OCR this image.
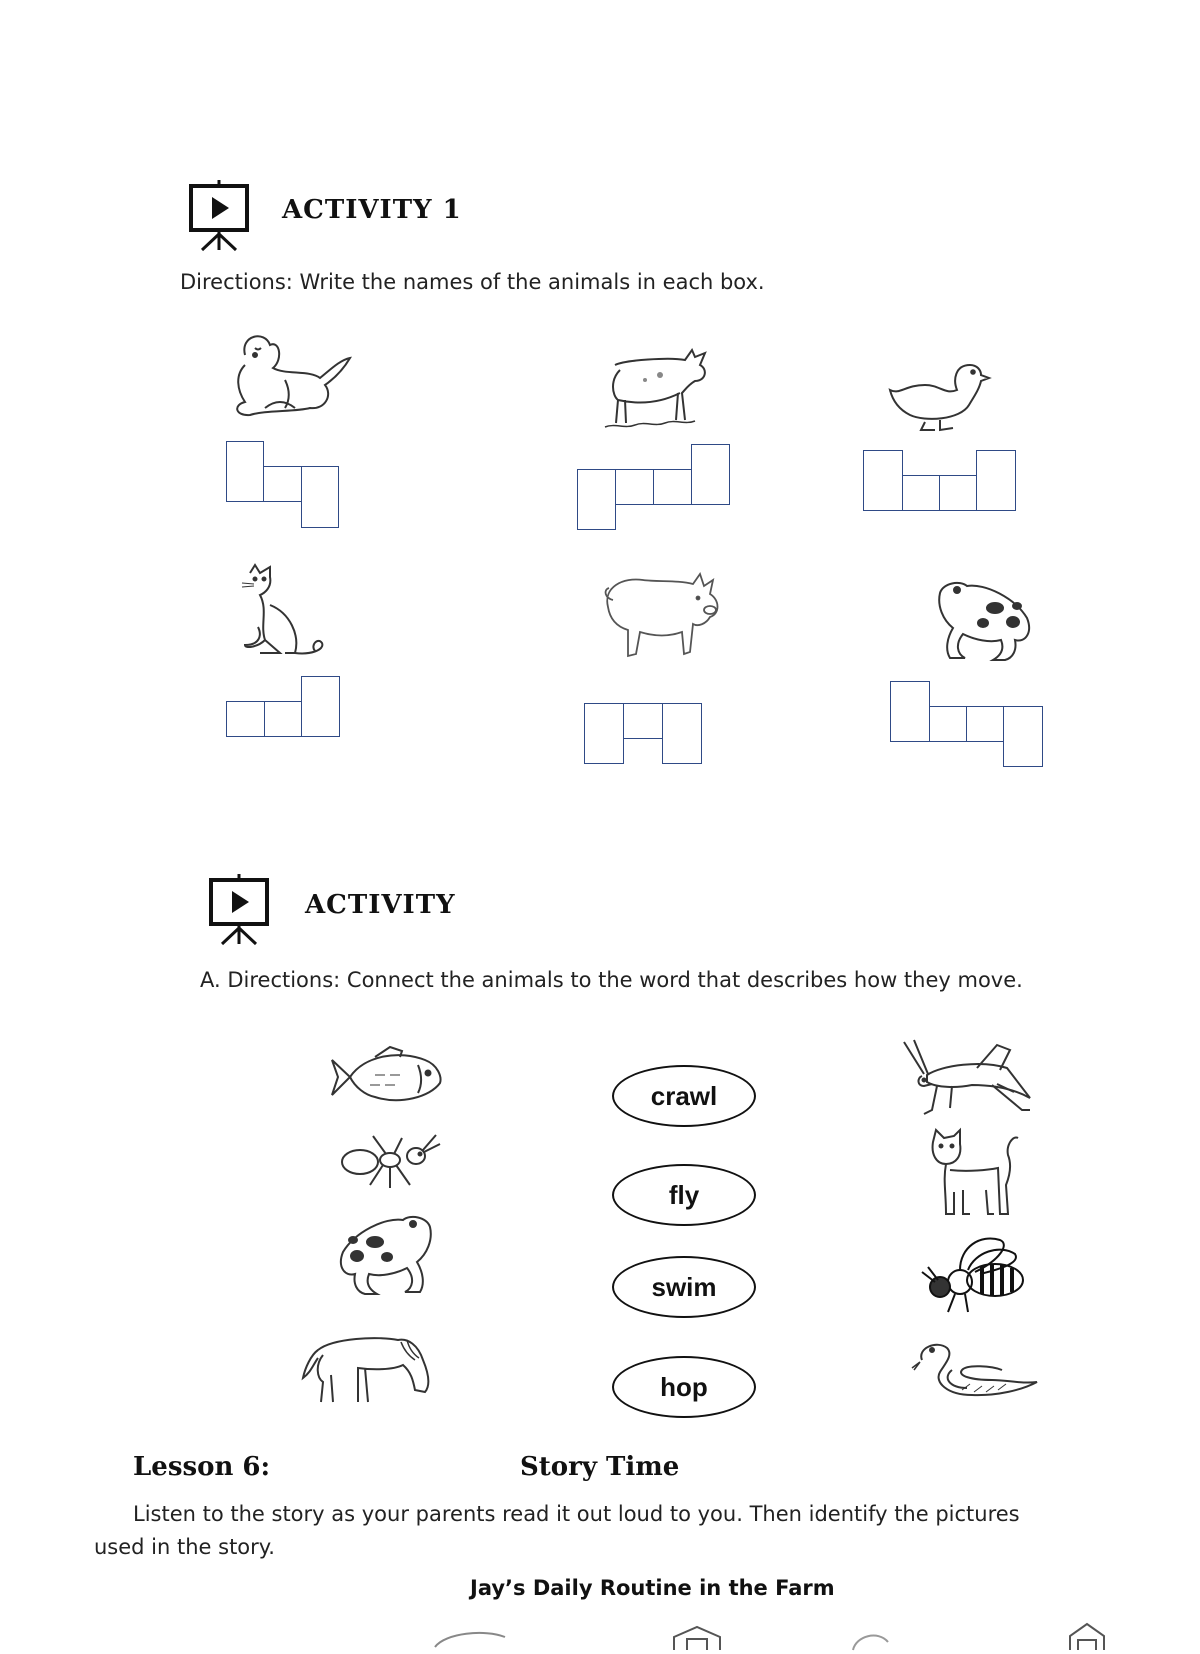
ACTIVITY 1
Directions: Write the names of the animals in each box.
ACTIVITY
A. Directions: Connect the animals to the word that describes how they move.
crawl
fly
swim
hop
Lesson 6:	Story Time
Listen to the story as your parents read it out loud to you. Then identify the pictures
used in the story.
Jay’s Daily Routine in the Farm
